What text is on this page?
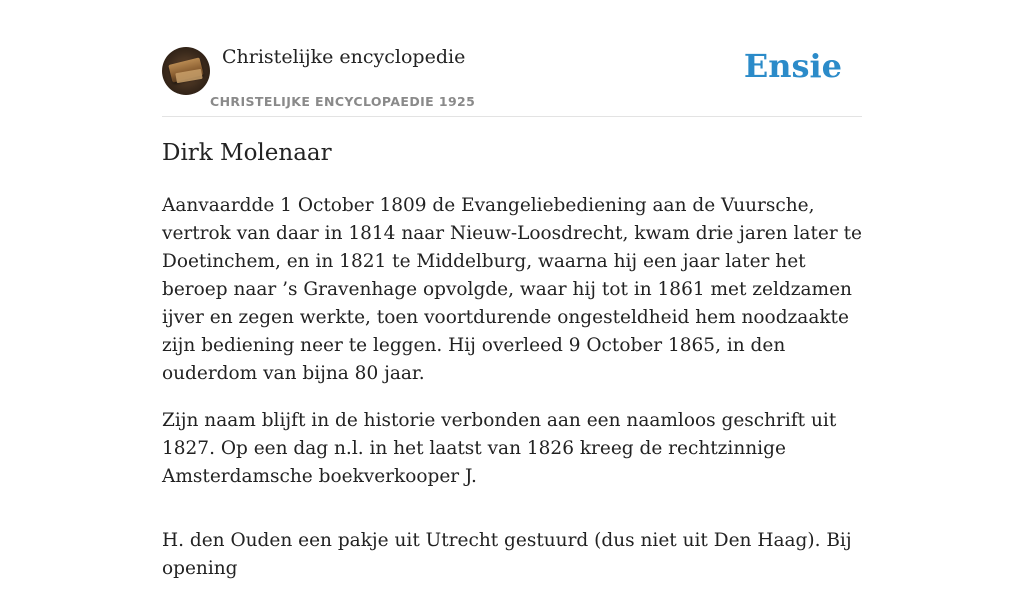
Christelijke encyclopedie
CHRISTELIJKE ENCYCLOPAEDIE 1925
Ensie
Dirk Molenaar

Aanvaardde 1 October 1809 de Evangeliebediening aan de Vuursche, vertrok van daar in 1814 naar Nieuw-Loosdrecht, kwam drie jaren later te Doetinchem, en in 1821 te Middelburg, waarna hij een jaar later het beroep naar ’s Gravenhage opvolgde, waar hij tot in 1861 met zeldzamen ijver en zegen werkte, toen voortdurende ongesteldheid hem noodzaakte zijn bediening neer te leggen. Hij overleed 9 October 1865, in den ouderdom van bijna 80 jaar.

Zijn naam blijft in de historie verbonden aan een naamloos geschrift uit 1827. Op een dag n.l. in het laatst van 1826 kreeg de rechtzinnige Amsterdamsche boekverkooper J.

H. den Ouden een pakje uit Utrecht gestuurd (dus niet uit Den Haag). Bij opening
